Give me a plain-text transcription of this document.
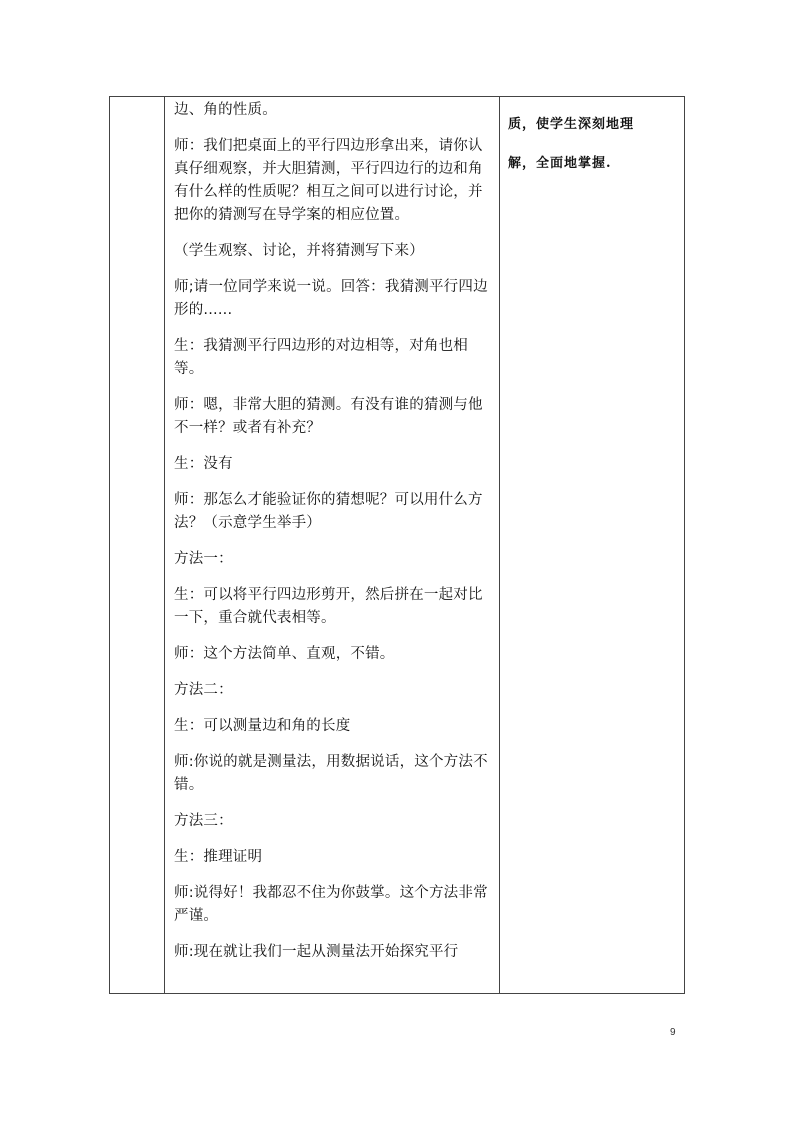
边、角的性质。

师：我们把桌面上的平行四边形拿出来，请你认真仔细观察，并大胆猜测，平行四边行的边和角有什么样的性质呢？相互之间可以进行讨论，并把你的猜测写在导学案的相应位置。

（学生观察、讨论，并将猜测写下来）

师;请一位同学来说一说。回答：我猜测平行四边形的......

生：我猜测平行四边形的对边相等，对角也相等。

师：嗯，非常大胆的猜测。有没有谁的猜测与他不一样？或者有补充？

生：没有

师：那怎么才能验证你的猜想呢？可以用什么方法？（示意学生举手）

方法一：

生：可以将平行四边形剪开，然后拼在一起对比一下，重合就代表相等。

师：这个方法简单、直观，不错。

方法二：

生：可以测量边和角的长度

师:你说的就是测量法，用数据说话，这个方法不错。

方法三：

生：推理证明

师:说得好！我都忍不住为你鼓掌。这个方法非常严谨。

师:现在就让我们一起从测量法开始探究平行

质，使学生深刻地理
解，全面地掌握.
9
